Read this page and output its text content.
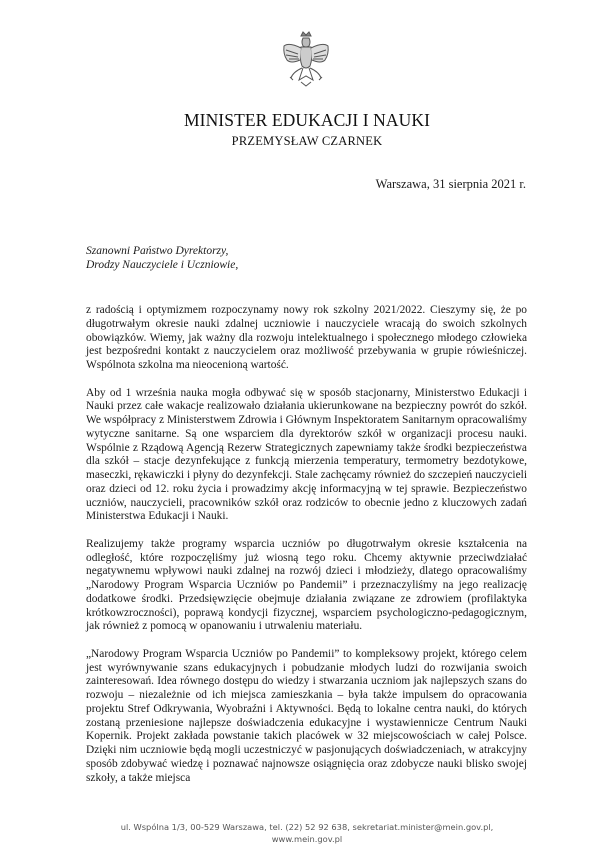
MINISTER EDUKACJI I NAUKI
PRZEMYSŁAW CZARNEK
Warszawa, 31 sierpnia 2021 r.
Szanowni Państwo Dyrektorzy,
Drodzy Nauczyciele i Uczniowie,

z radością i optymizmem rozpoczynamy nowy rok szkolny 2021/2022. Cieszymy się, że po długotrwałym okresie nauki zdalnej uczniowie i nauczyciele wracają do swoich szkolnych obowiązków. Wiemy, jak ważny dla rozwoju intelektualnego i społecznego młodego człowieka jest bezpośredni kontakt z nauczycielem oraz możliwość przebywania w grupie rówieśniczej. Wspólnota szkolna ma nieocenioną wartość.

Aby od 1 września nauka mogła odbywać się w sposób stacjonarny, Ministerstwo Edukacji i Nauki przez całe wakacje realizowało działania ukierunkowane na bezpieczny powrót do szkół. We współpracy z Ministerstwem Zdrowia i Głównym Inspektoratem Sanitarnym opracowaliśmy wytyczne sanitarne. Są one wsparciem dla dyrektorów szkół w organizacji procesu nauki. Wspólnie z Rządową Agencją Rezerw Strategicznych zapewniamy także środki bezpieczeństwa dla szkół – stacje dezynfekujące z funkcją mierzenia temperatury, termometry bezdotykowe, maseczki, rękawiczki i płyny do dezynfekcji. Stale zachęcamy również do szczepień nauczycieli oraz dzieci od 12. roku życia i prowadzimy akcję informacyjną w tej sprawie. Bezpieczeństwo uczniów, nauczycieli, pracowników szkół oraz rodziców to obecnie jedno z kluczowych zadań Ministerstwa Edukacji i Nauki.

Realizujemy także programy wsparcia uczniów po długotrwałym okresie kształcenia na odległość, które rozpoczęliśmy już wiosną tego roku. Chcemy aktywnie przeciwdziałać negatywnemu wpływowi nauki zdalnej na rozwój dzieci i młodzieży, dlatego opracowaliśmy „Narodowy Program Wsparcia Uczniów po Pandemii” i przeznaczyliśmy na jego realizację dodatkowe środki. Przedsięwzięcie obejmuje działania związane ze zdrowiem (profilaktyka krótkowzroczności), poprawą kondycji fizycznej, wsparciem psychologiczno-pedagogicznym, jak również z pomocą w opanowaniu i utrwaleniu materiału.

„Narodowy Program Wsparcia Uczniów po Pandemii” to kompleksowy projekt, którego celem jest wyrównywanie szans edukacyjnych i pobudzanie młodych ludzi do rozwijania swoich zainteresowań. Idea równego dostępu do wiedzy i stwarzania uczniom jak najlepszych szans do rozwoju – niezależnie od ich miejsca zamieszkania – była także impulsem do opracowania projektu Stref Odkrywania, Wyobraźni i Aktywności. Będą to lokalne centra nauki, do których zostaną przeniesione najlepsze doświadczenia edukacyjne i wystawiennicze Centrum Nauki Kopernik. Projekt zakłada powstanie takich placówek w 32 miejscowościach w całej Polsce. Dzięki nim uczniowie będą mogli uczestniczyć w pasjonujących doświadczeniach, w atrakcyjny sposób zdobywać wiedzę i poznawać najnowsze osiągnięcia oraz zdobycze nauki blisko swojej szkoły, a także miejsca

ul. Wspólna 1/3, 00-529 Warszawa, tel. (22) 52 92 638, sekretariat.minister@mein.gov.pl,
www.mein.gov.pl
